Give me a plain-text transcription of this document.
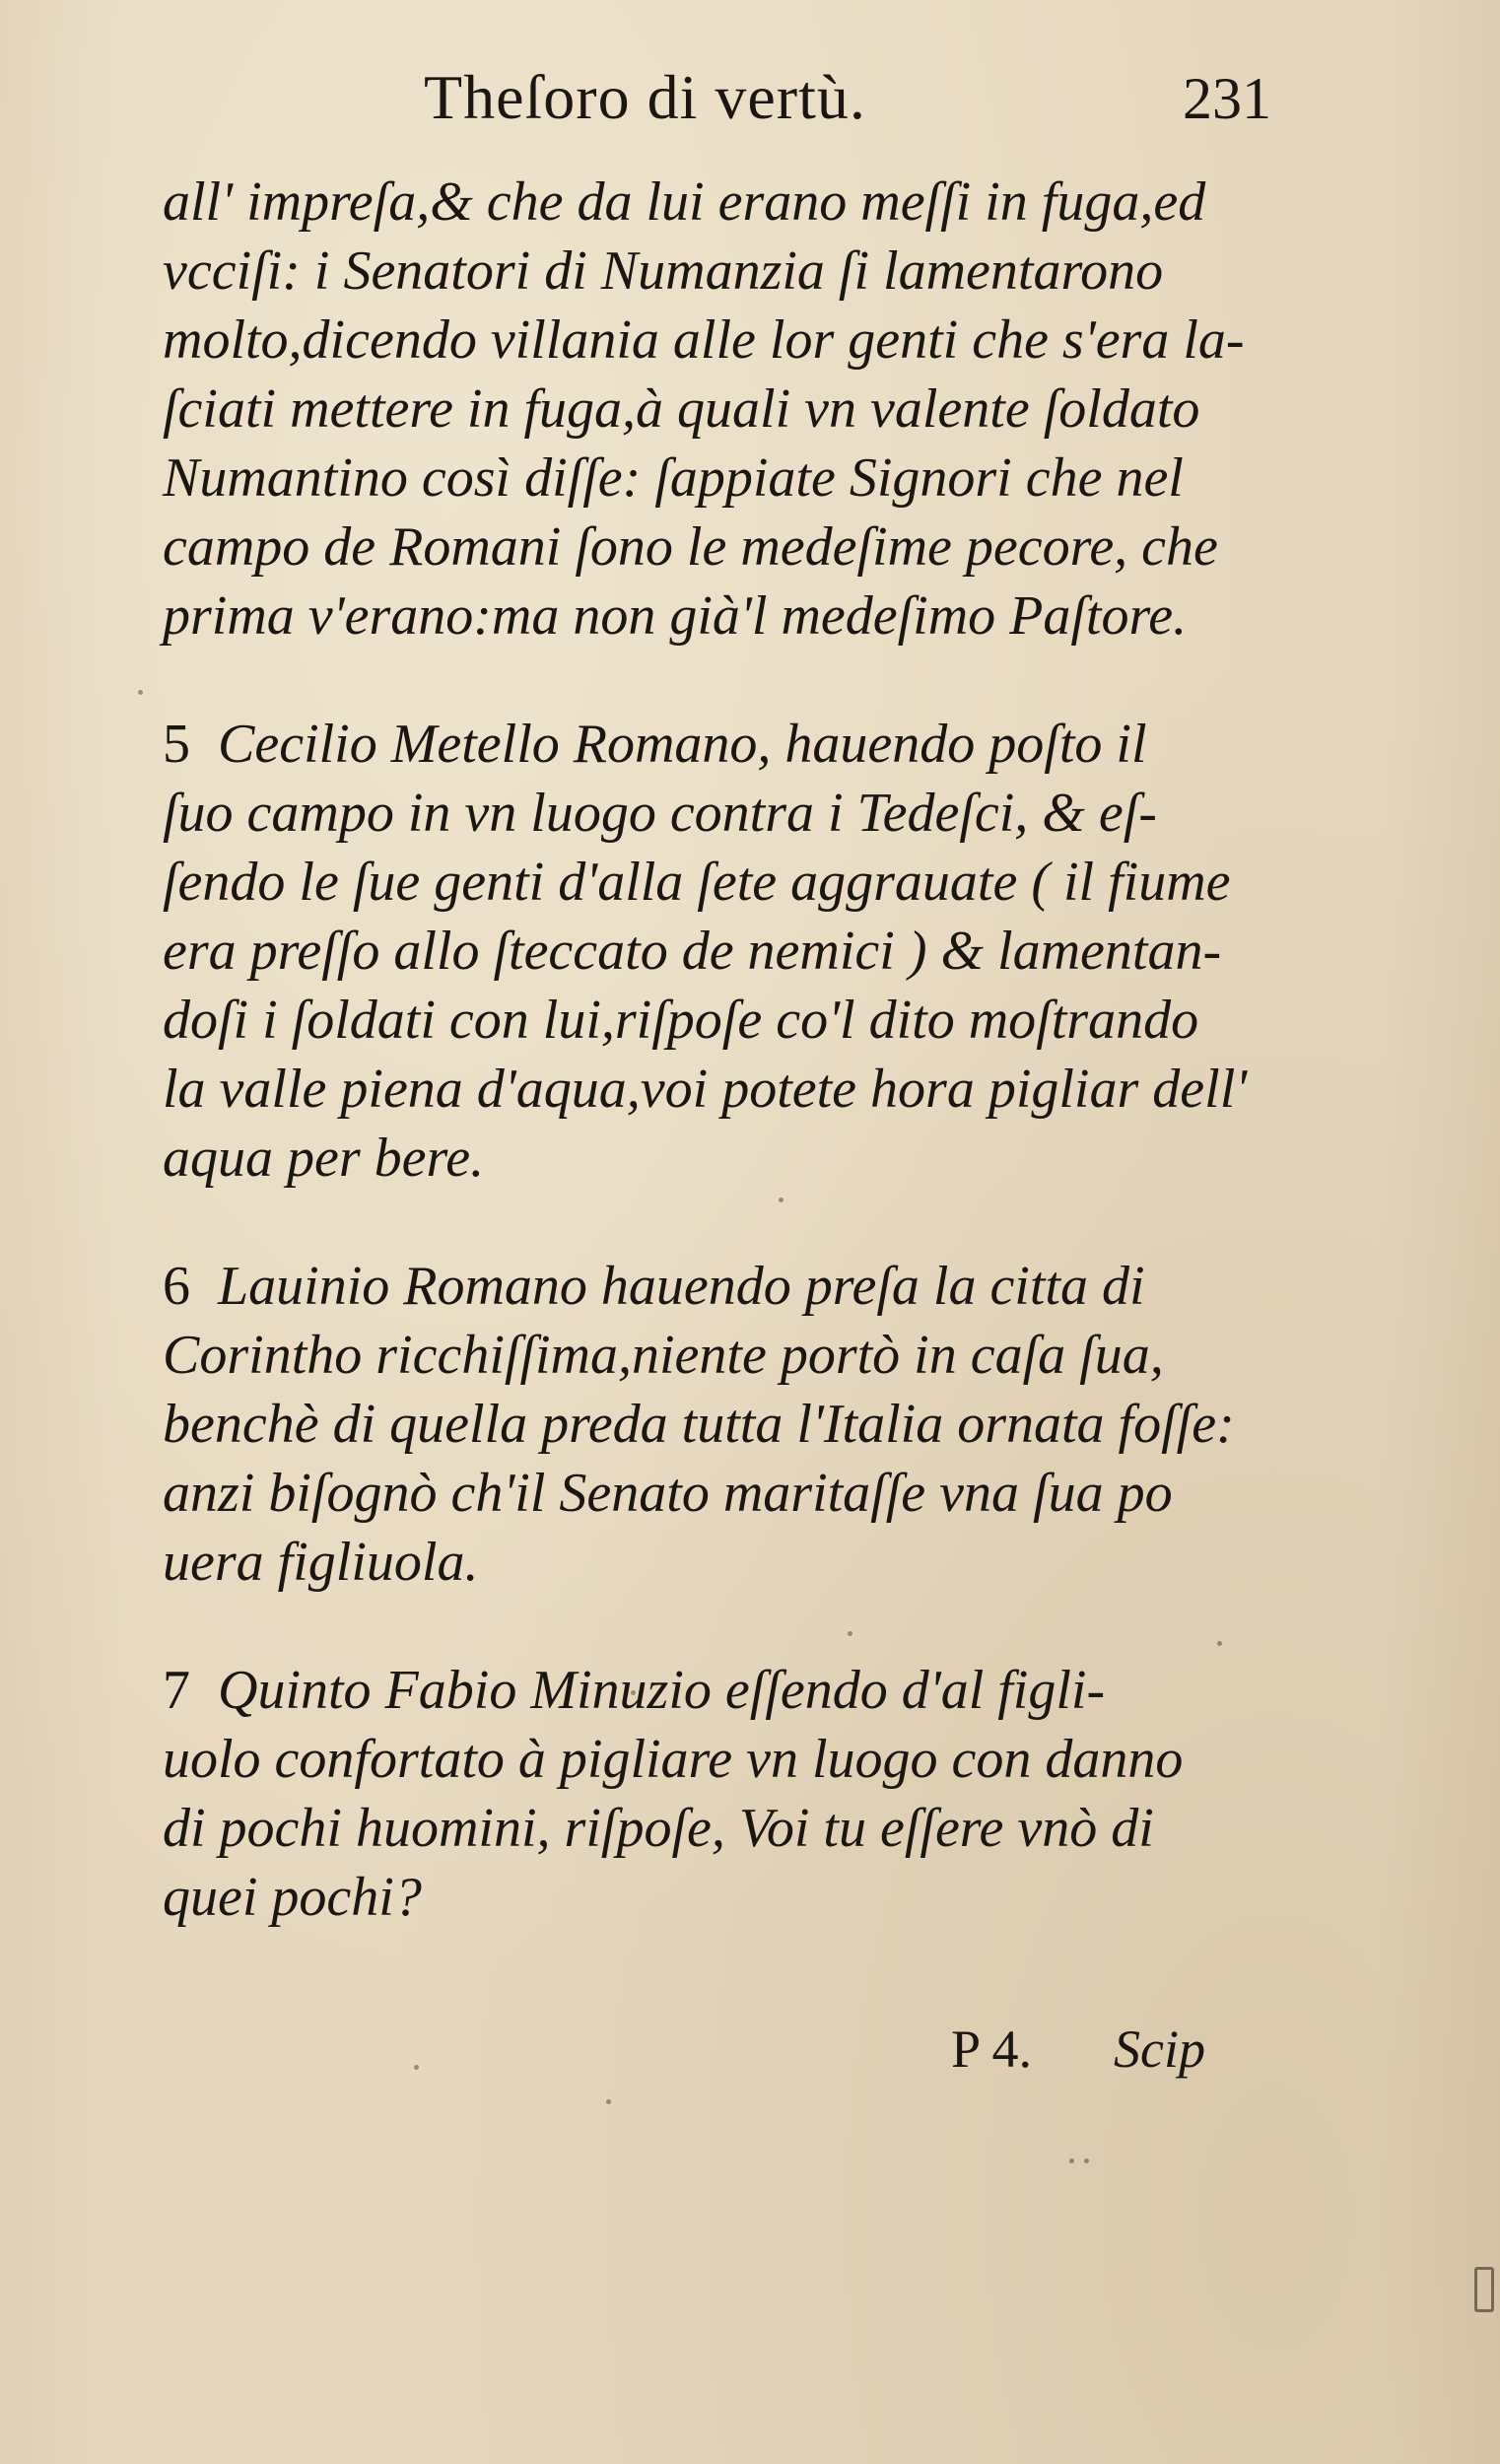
Theſoro di vertù.	231
all' impreſa,& che da lui erano meſſi in fuga,ed
vcciſi: i Senatori di Numanzia ſi lamentarono
molto,dicendo villania alle lor genti che s'era la-
ſciati mettere in fuga,à quali vn valente ſoldato
Numantino così diſſe: ſappiate Signori che nel
campo de Romani ſono le medeſime pecore, che
prima v'erano:ma non già'l medeſimo Paſtore.
5 Cecilio Metello Romano, hauendo poſto il
ſuo campo in vn luogo contra i Tedeſci, & eſ-
ſendo le ſue genti d'alla ſete aggrauate ( il fiume
era preſſo allo ſteccato de nemici ) & lamentan-
doſi i ſoldati con lui,riſpoſe co'l dito moſtrando
la valle piena d'aqua,voi potete hora pigliar dell'
aqua per bere.
6 Lauinio Romano hauendo preſa la citta di
Corintho ricchiſſima,niente portò in caſa ſua,
benchè di quella preda tutta l'Italia ornata foſſe:
anzi biſognò ch'il Senato maritaſſe vna ſua po
uera figliuola.
7 Quinto Fabio Minuzio eſſendo d'al figli-
uolo confortato à pigliare vn luogo con danno
di pochi huomini, riſpoſe, Voi tu eſſere vnò di
quei pochi?
P 4. Scip
